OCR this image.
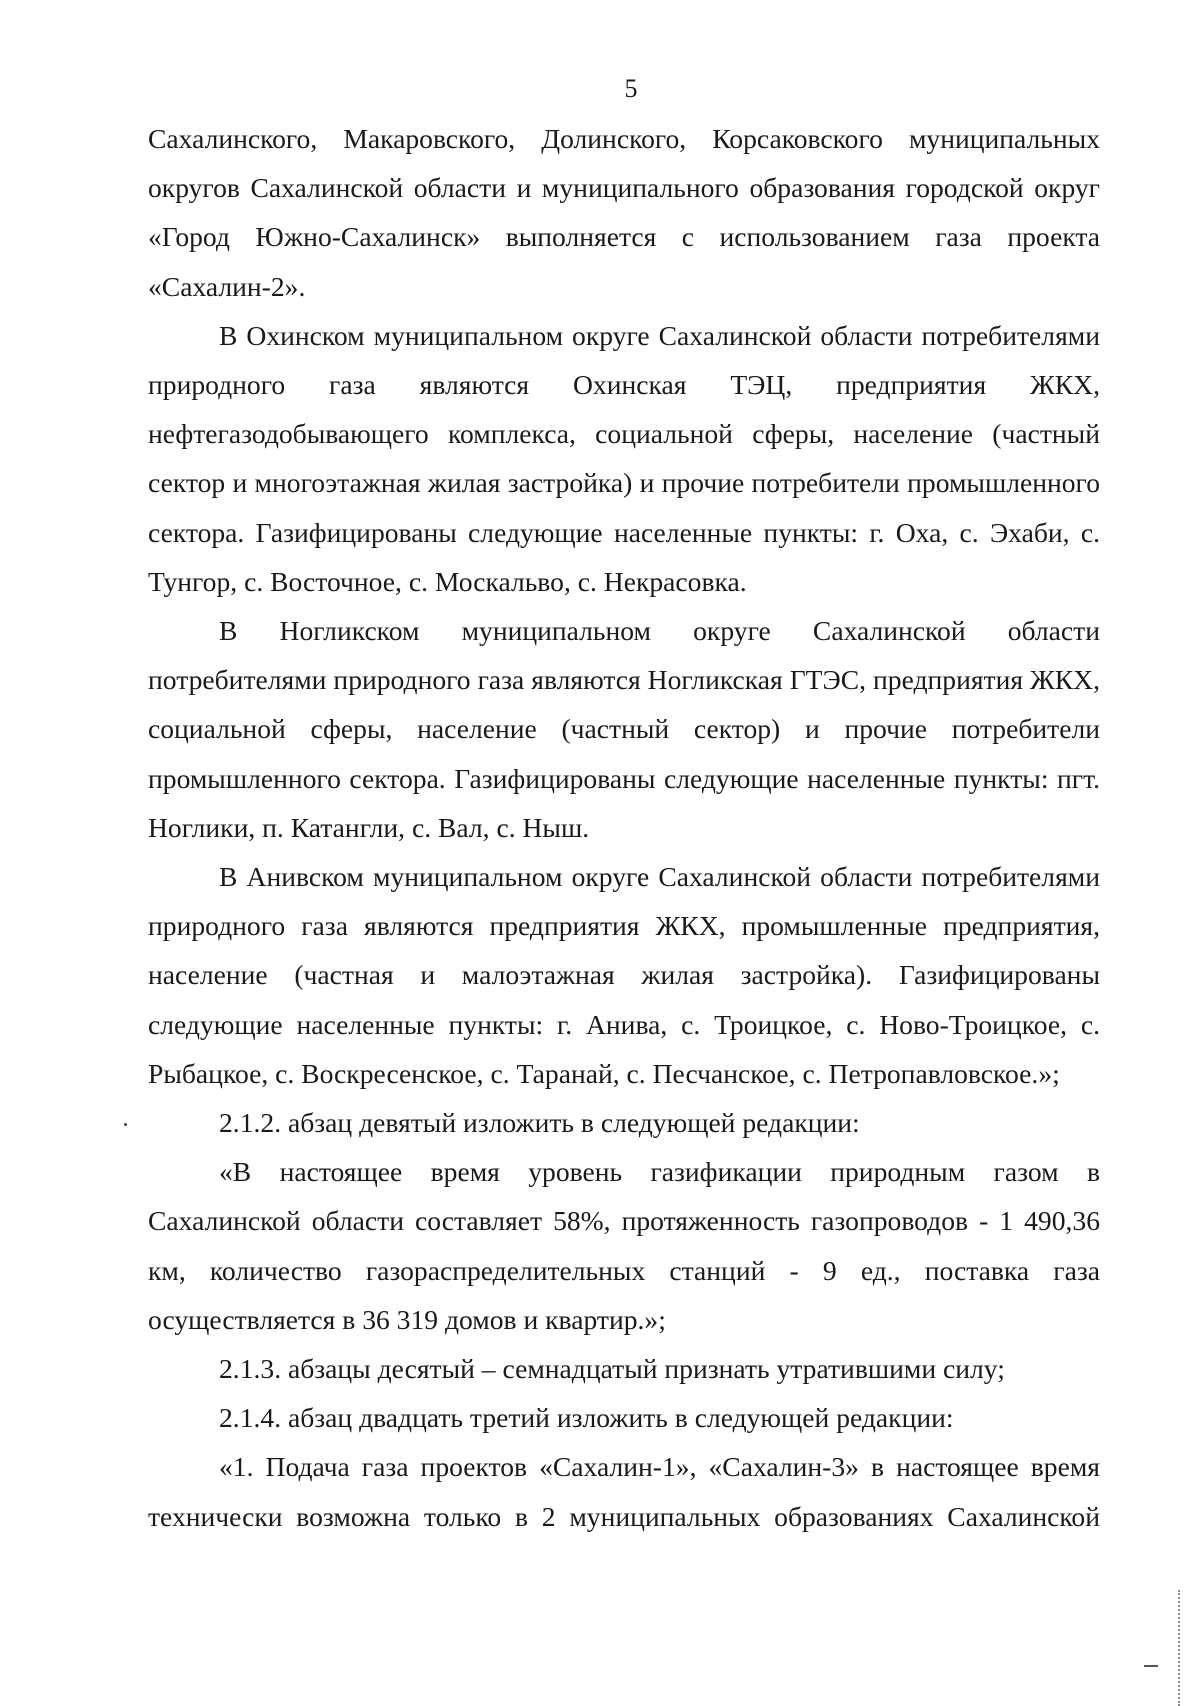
5

Сахалинского, Макаровского, Долинского, Корсаковского муниципальных округов Сахалинской области и муниципального образования городской округ «Город Южно-Сахалинск» выполняется с использованием газа проекта «Сахалин-2».

В Охинском муниципальном округе Сахалинской области потребителями природного газа являются Охинская ТЭЦ, предприятия ЖКХ, нефтегазодобывающего комплекса, социальной сферы, население (частный сектор и многоэтажная жилая застройка) и прочие потребители промышленного сектора. Газифицированы следующие населенные пункты: г. Оха, с. Эхаби, с. Тунгор, с. Восточное, с. Москальво, с. Некрасовка.

В Ногликском муниципальном округе Сахалинской области потребителями природного газа являются Ногликская ГТЭС, предприятия ЖКХ, социальной сферы, население (частный сектор) и прочие потребители промышленного сектора. Газифицированы следующие населенные пункты: пгт. Ноглики, п. Катангли, с. Вал, с. Ныш.

В Анивском муниципальном округе Сахалинской области потребителями природного газа являются предприятия ЖКХ, промышленные предприятия, население (частная и малоэтажная жилая застройка). Газифицированы следующие населенные пункты: г. Анива, с. Троицкое, с. Ново-Троицкое, с. Рыбацкое, с. Воскресенское, с. Таранай, с. Песчанское, с. Петропавловское.»;

2.1.2. абзац девятый изложить в следующей редакции:

«В настоящее время уровень газификации природным газом в Сахалинской области составляет 58%, протяженность газопроводов - 1 490,36 км, количество газораспределительных станций - 9 ед., поставка газа осуществляется в 36 319 домов и квартир.»;

2.1.3. абзацы десятый – семнадцатый признать утратившими силу;

2.1.4. абзац двадцать третий изложить в следующей редакции:

«1. Подача газа проектов «Сахалин-1», «Сахалин-3» в настоящее время технически возможна только в 2 муниципальных образованиях Сахалинской
